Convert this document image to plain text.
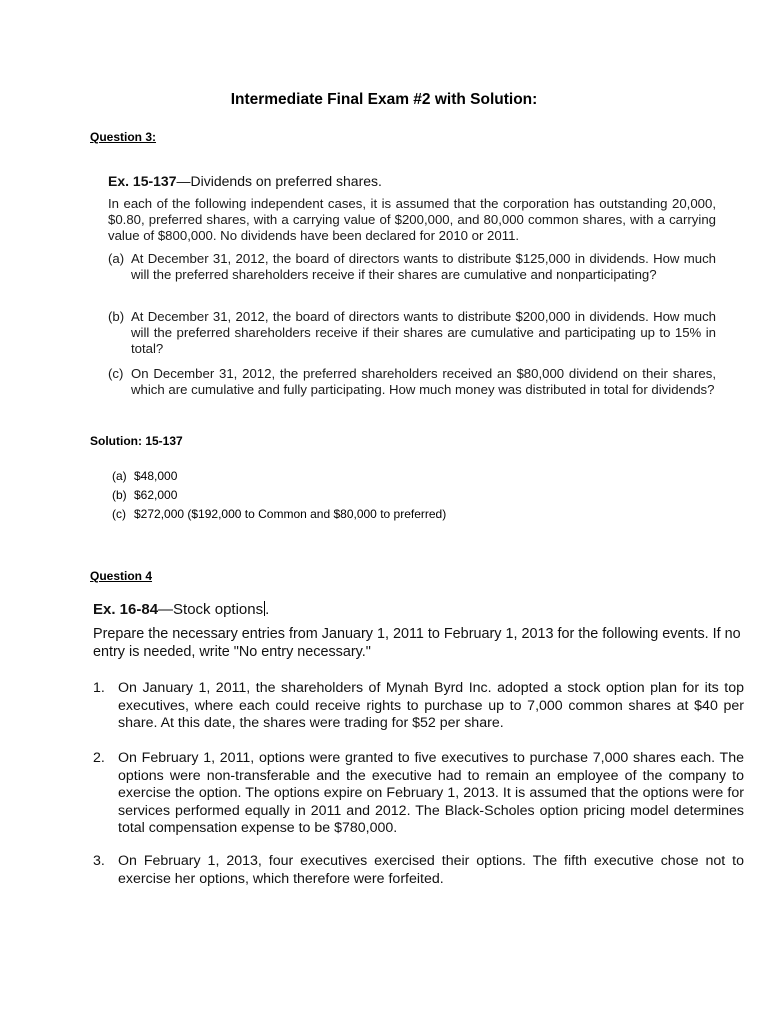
Intermediate Final Exam #2 with Solution:
Question 3:
Ex. 15-137—Dividends on preferred shares.
In each of the following independent cases, it is assumed that the corporation has outstanding 20,000, $0.80, preferred shares, with a carrying value of $200,000, and 80,000 common shares, with a carrying value of $800,000. No dividends have been declared for 2010 or 2011.
(a) At December 31, 2012, the board of directors wants to distribute $125,000 in dividends. How much will the preferred shareholders receive if their shares are cumulative and nonparticipating?
(b) At December 31, 2012, the board of directors wants to distribute $200,000 in dividends. How much will the preferred shareholders receive if their shares are cumulative and participating up to 15% in total?
(c) On December 31, 2012, the preferred shareholders received an $80,000 dividend on their shares, which are cumulative and fully participating. How much money was distributed in total for dividends?
Solution: 15-137
(a) $48,000
(b) $62,000
(c) $272,000 ($192,000 to Common and $80,000 to preferred)
Question 4
Ex. 16-84—Stock options .
Prepare the necessary entries from January 1, 2011 to February 1, 2013 for the following events. If no entry is needed, write "No entry necessary."
1. On January 1, 2011, the shareholders of Mynah Byrd Inc. adopted a stock option plan for its top executives, where each could receive rights to purchase up to 7,000 common shares at $40 per share. At this date, the shares were trading for $52 per share.
2. On February 1, 2011, options were granted to five executives to purchase 7,000 shares each. The options were non-transferable and the executive had to remain an employee of the company to exercise the option. The options expire on February 1, 2013. It is assumed that the options were for services performed equally in 2011 and 2012. The Black-Scholes option pricing model determines total compensation expense to be $780,000.
3. On February 1, 2013, four executives exercised their options. The fifth executive chose not to exercise her options, which therefore were forfeited.
